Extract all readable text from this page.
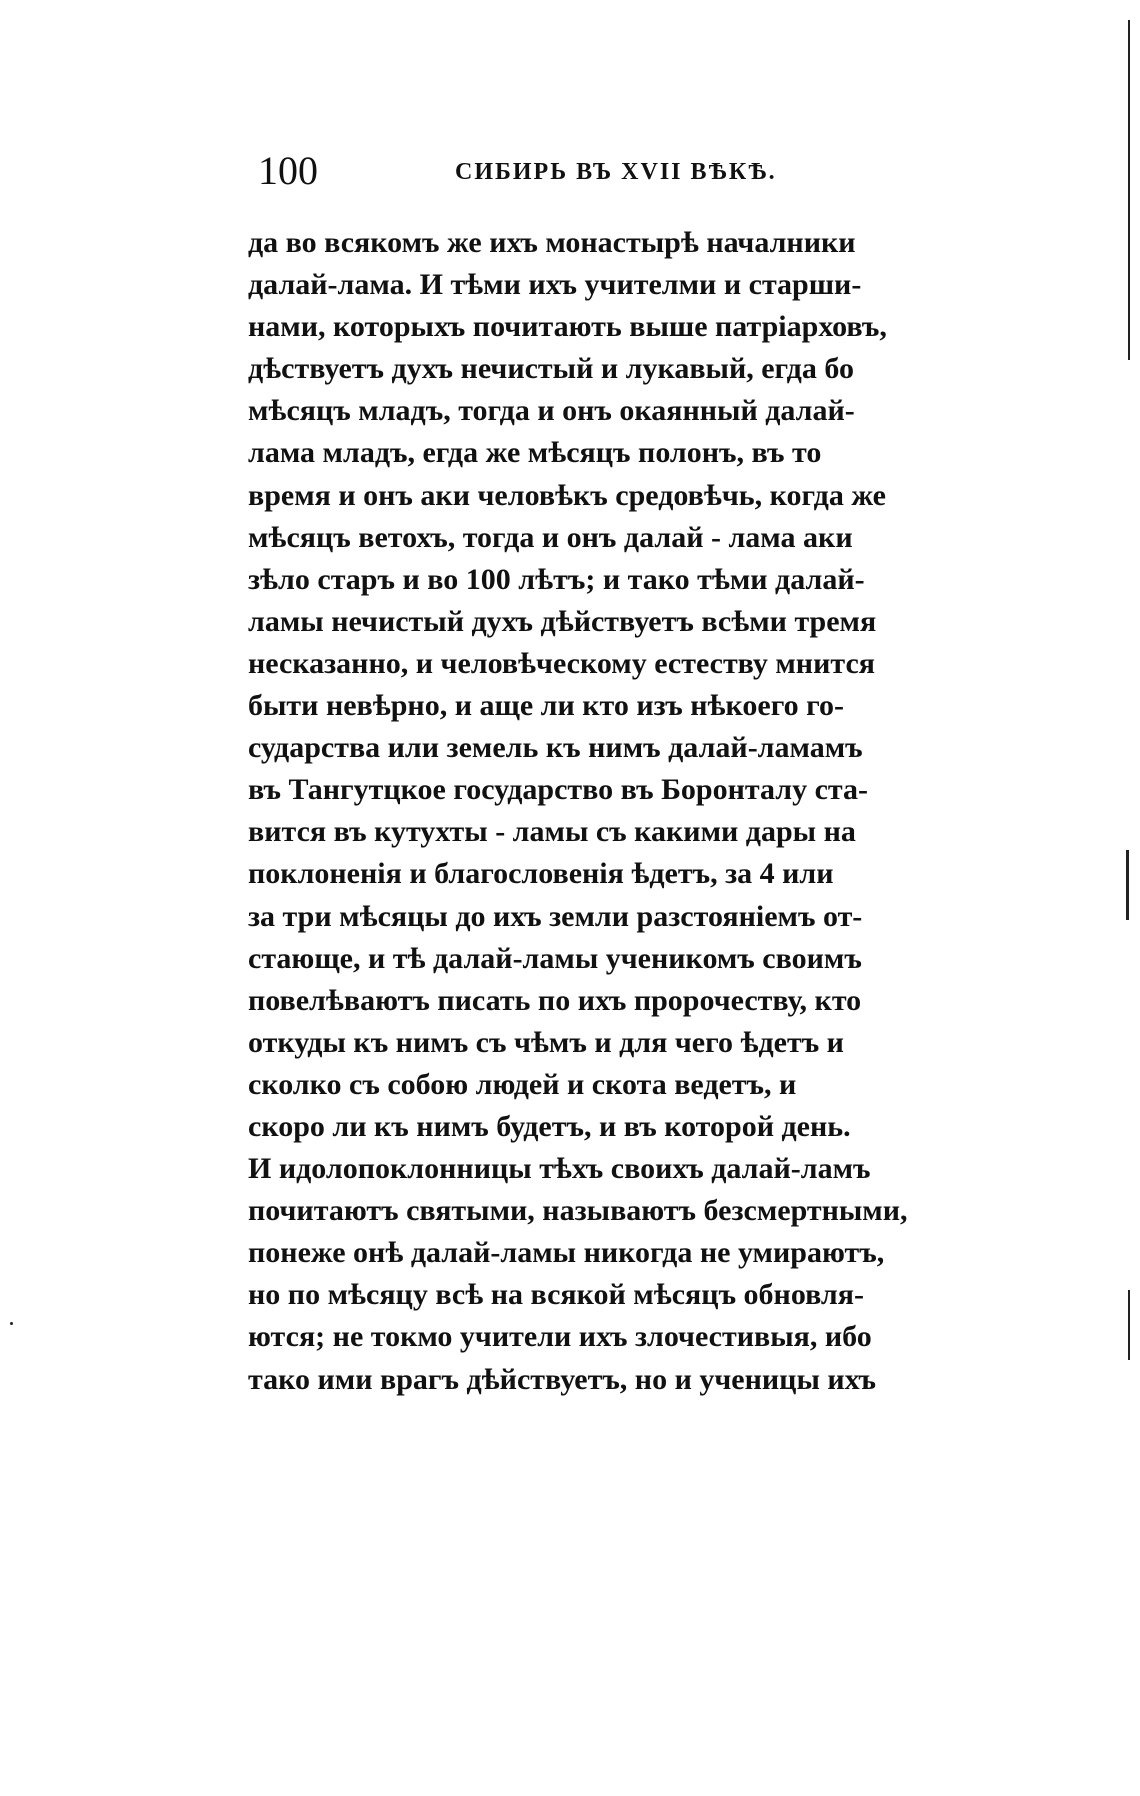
100	СИБИРЬ ВЪ XVII ВѢКѢ.
да во всякомъ же ихъ монастырѣ началники
далай-лама. И тѣми ихъ учителми и старши-
нами, которыхъ почитають выше патріарховъ,
дѣствуетъ духъ нечистый и лукавый, егда бо
мѣсяцъ младъ, тогда и онъ окаянный далай-
лама младъ, егда же мѣсяцъ полонъ, въ то
время и онъ аки человѣкъ средовѣчь, когда же
мѣсяцъ ветохъ, тогда и онъ далай - лама аки
зѣло старъ и во 100 лѣтъ; и тако тѣми далай-
ламы нечистый духъ дѣйствуетъ всѣми тремя
несказанно, и человѣческому естеству мнится
быти невѣрно, и аще ли кто изъ нѣкоего го-
сударства или земель къ нимъ далай-ламамъ
въ Тангутцкое государство въ Боронталу ста-
вится въ кутухты - ламы съ какими дары на
поклоненія и благословенія ѣдетъ, за 4 или
за три мѣсяцы до ихъ земли разстояніемъ от-
стающе, и тѣ далай-ламы ученикомъ своимъ
повелѣваютъ писать по ихъ пророчеству, кто
откуды къ нимъ съ чѣмъ и для чего ѣдетъ и
сколко съ собою людей и скота ведетъ, и
скоро ли къ нимъ будетъ, и въ которой день.
И идолопоклонницы тѣхъ своихъ далай-ламъ
почитаютъ святыми, называютъ безсмертными,
понеже онѣ далай-ламы никогда не умираютъ,
но по мѣсяцу всѣ на всякой мѣсяцъ обновля-
ются; не токмо учители ихъ злочестивыя, ибо
тако ими врагъ дѣйствуетъ, но и ученицы ихъ
